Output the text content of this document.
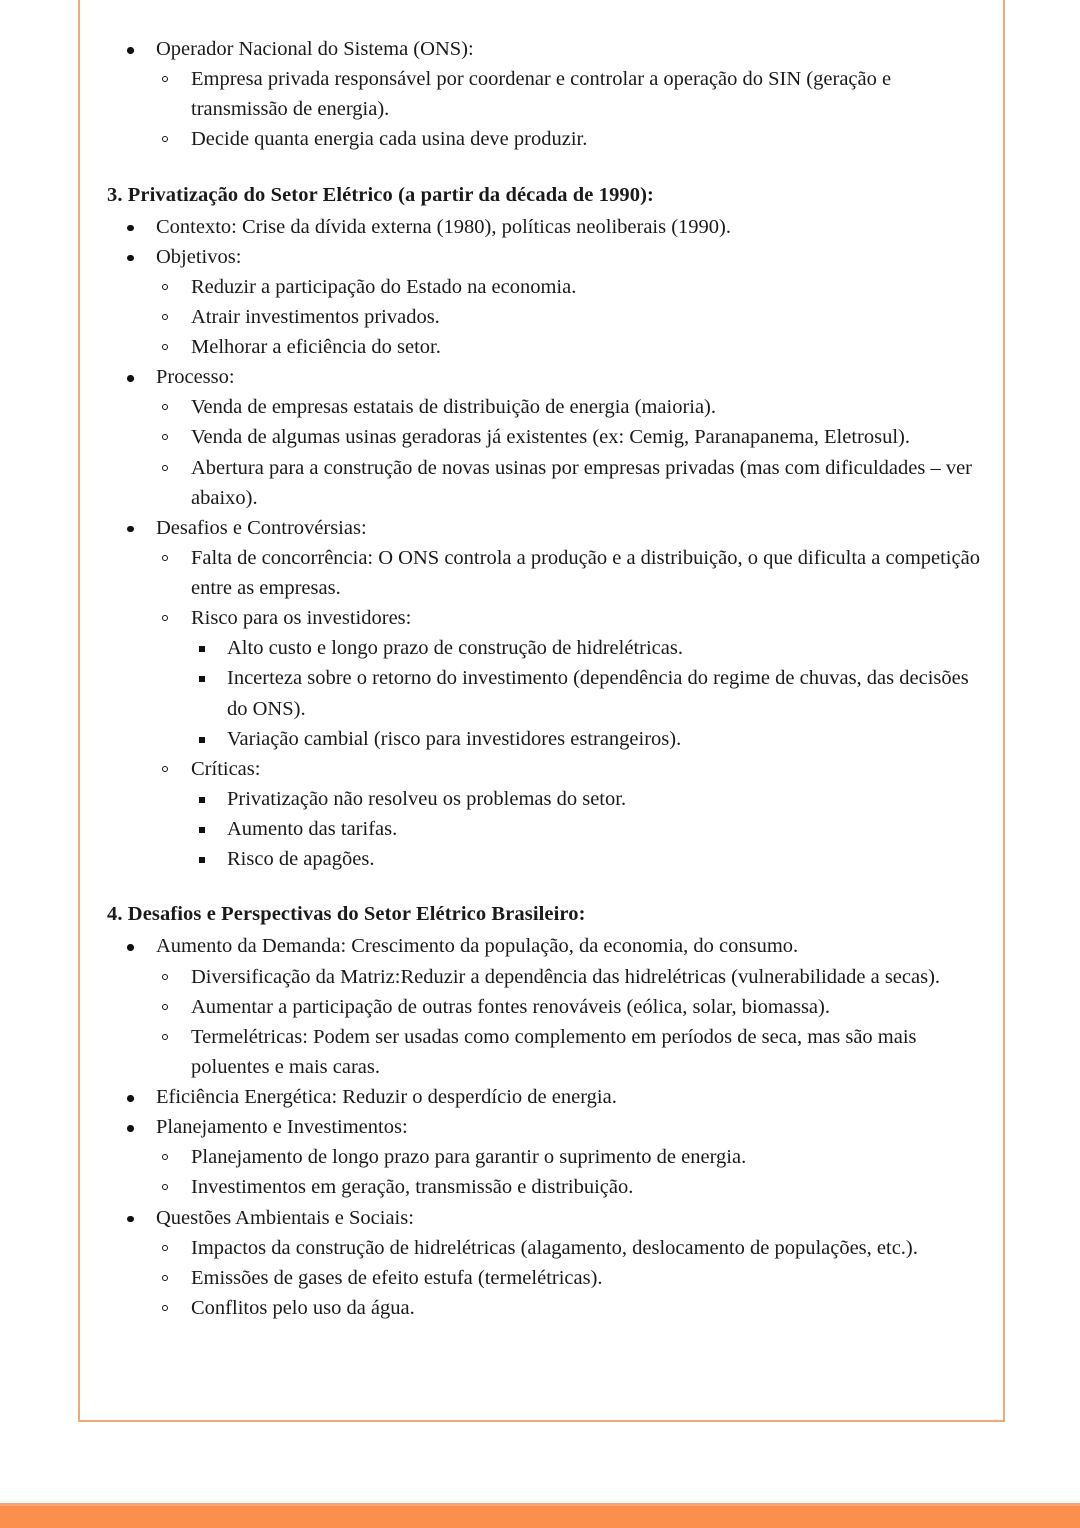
Operador Nacional do Sistema (ONS):
Empresa privada responsável por coordenar e controlar a operação do SIN (geração e transmissão de energia).
Decide quanta energia cada usina deve produzir.
3. Privatização do Setor Elétrico (a partir da década de 1990):
Contexto: Crise da dívida externa (1980), políticas neoliberais (1990).
Objetivos:
Reduzir a participação do Estado na economia.
Atrair investimentos privados.
Melhorar a eficiência do setor.
Processo:
Venda de empresas estatais de distribuição de energia (maioria).
Venda de algumas usinas geradoras já existentes (ex: Cemig, Paranapanema, Eletrosul).
Abertura para a construção de novas usinas por empresas privadas (mas com dificuldades – ver abaixo).
Desafios e Controvérsias:
Falta de concorrência: O ONS controla a produção e a distribuição, o que dificulta a competição entre as empresas.
Risco para os investidores:
Alto custo e longo prazo de construção de hidrelétricas.
Incerteza sobre o retorno do investimento (dependência do regime de chuvas, das decisões do ONS).
Variação cambial (risco para investidores estrangeiros).
Críticas:
Privatização não resolveu os problemas do setor.
Aumento das tarifas.
Risco de apagões.
4. Desafios e Perspectivas do Setor Elétrico Brasileiro:
Aumento da Demanda: Crescimento da população, da economia, do consumo.
Diversificação da Matriz:Reduzir a dependência das hidrelétricas (vulnerabilidade a secas).
Aumentar a participação de outras fontes renováveis (eólica, solar, biomassa).
Termelétricas: Podem ser usadas como complemento em períodos de seca, mas são mais poluentes e mais caras.
Eficiência Energética: Reduzir o desperdício de energia.
Planejamento e Investimentos:
Planejamento de longo prazo para garantir o suprimento de energia.
Investimentos em geração, transmissão e distribuição.
Questões Ambientais e Sociais:
Impactos da construção de hidrelétricas (alagamento, deslocamento de populações, etc.).
Emissões de gases de efeito estufa (termelétricas).
Conflitos pelo uso da água.
